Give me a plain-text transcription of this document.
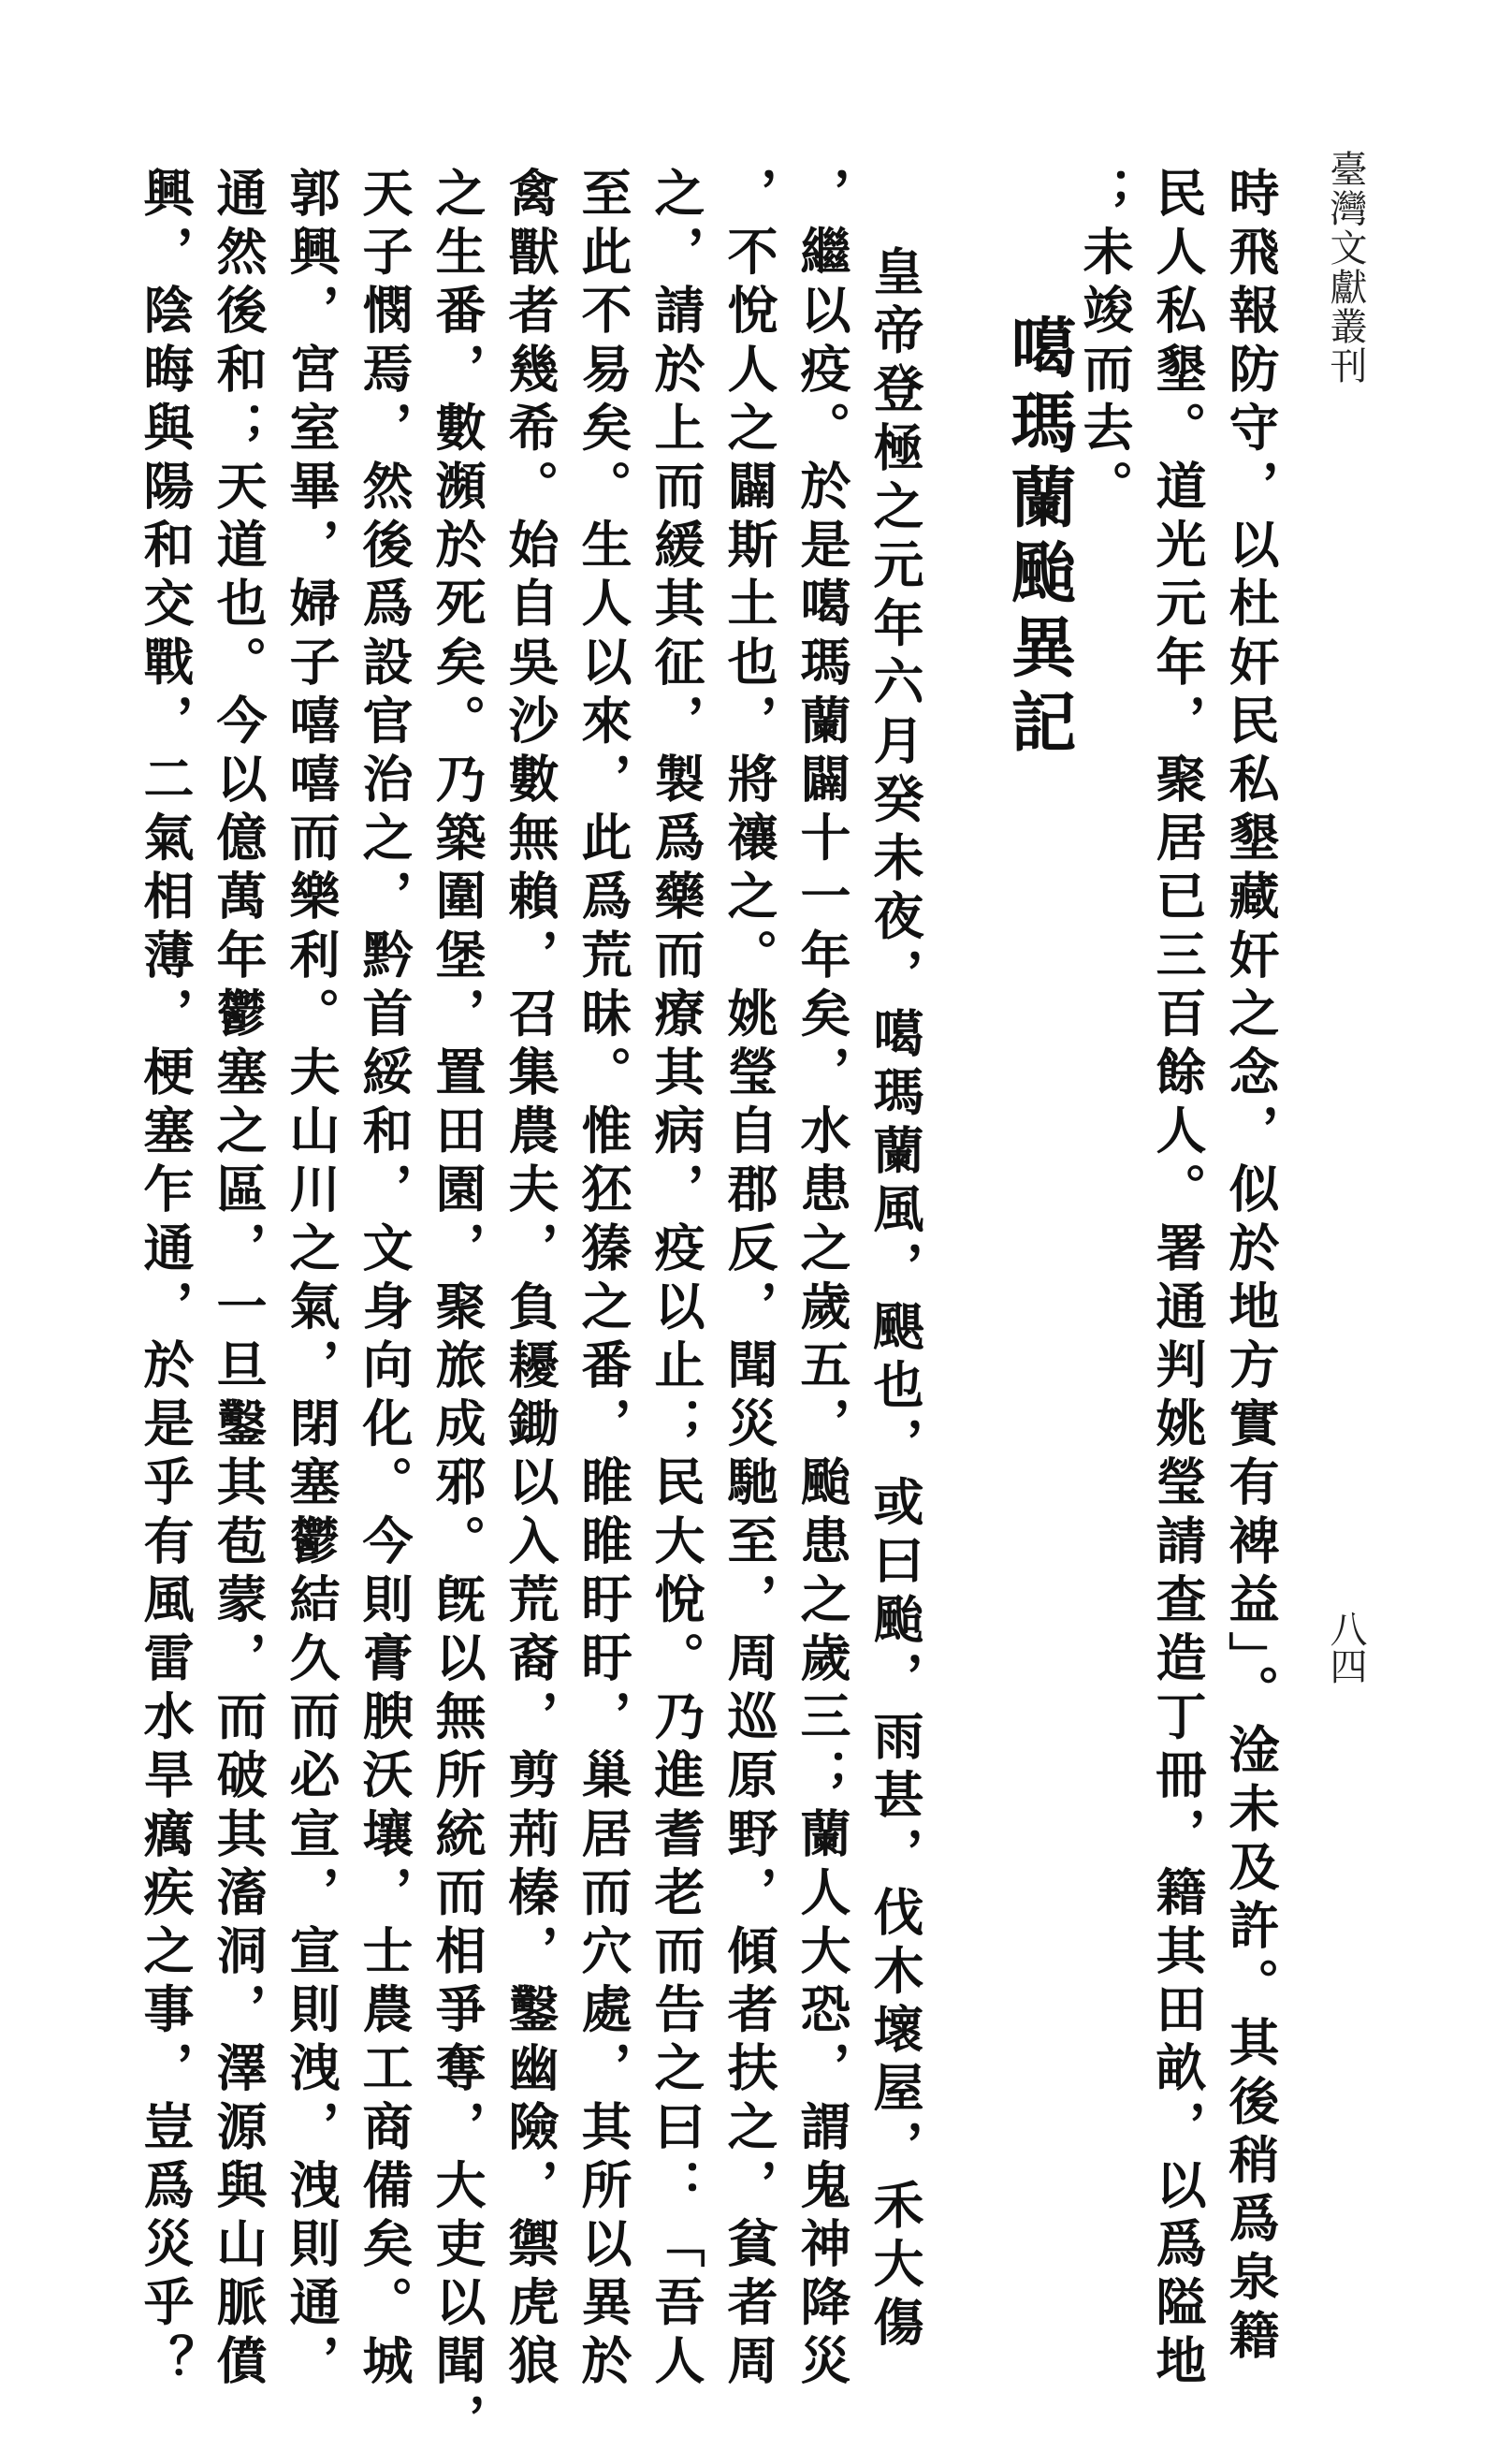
臺灣文獻叢刊
八四
時飛報防守，以杜奸民私墾藏奸之念，似於地方實有裨益」。淦未及許。其後稍爲泉籍
民人私墾。道光元年，聚居已三百餘人。署通判姚瑩請查造丁冊，籍其田畝，以爲隘地
；未竣而去。
噶瑪蘭颱異記
皇帝登極之元年六月癸未夜，噶瑪蘭風，颶也，或曰颱，雨甚，伐木壞屋，禾大傷
，繼以疫。於是噶瑪蘭闢十一年矣，水患之歲五，颱患之歲三；蘭人大恐，謂鬼神降災
，不悅人之闢斯土也，將禳之。姚瑩自郡反，聞災馳至，周巡原野，傾者扶之，貧者周
之，請於上而緩其征，製爲藥而療其病，疫以止；民大悅。乃進耆老而告之曰：「吾人
至此不易矣。生人以來，此爲荒昧。惟狉獉之番，睢睢盱盱，巢居而穴處，其所以異於
禽獸者幾希。始自吳沙數無賴，召集農夫，負耰鋤以入荒裔，剪荊榛，鑿幽險，禦虎狼
之生番，數瀕於死矣。乃築圍堡，置田園，聚旅成邪。旣以無所統而相爭奪，大吏以聞，
天子憫焉，然後爲設官治之，黔首綏和，文身向化。今則膏腴沃壤，士農工商備矣。城
郭興，宮室畢，婦子嘻嘻而樂利。夫山川之氣，閉塞鬱結久而必宣，宣則洩，洩則通，
通然後和；天道也。今以億萬年鬱塞之區，一旦鑿其苞蒙，而破其滀洞，澤源與山脈僨
興，陰晦與陽和交戰，二氣相薄，梗塞乍通，於是乎有風雷水旱癘疾之事，豈爲災乎？
